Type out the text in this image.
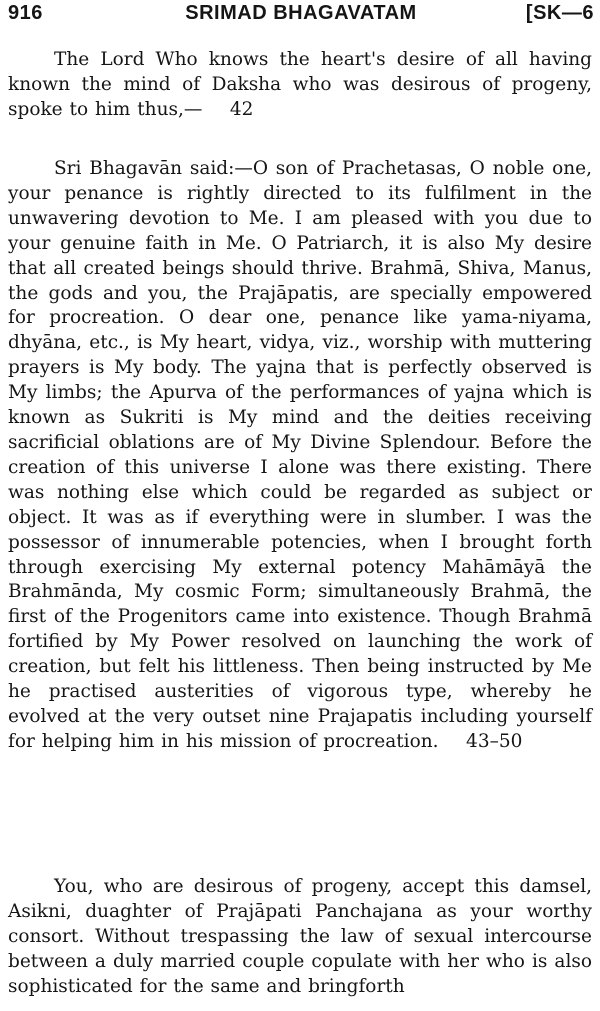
916	SRIMAD BHAGAVATAM	[SK—6

The Lord Who knows the heart's desire of all having known the mind of Daksha who was desirous of progeny, spoke to him thus,— 42

Sri Bhagavān said:—O son of Prachetasas, O noble one, your penance is rightly directed to its fulfilment in the unwavering devotion to Me. I am pleased with you due to your genuine faith in Me. O Patriarch, it is also My desire that all created beings should thrive. Brahmā, Shiva, Manus, the gods and you, the Prajāpatis, are specially empowered for procreation. O dear one, penance like yama-niyama, dhyāna, etc., is My heart, vidya, viz., worship with muttering prayers is My body. The yajna that is perfectly observed is My limbs; the Apurva of the performances of yajna which is known as Sukriti is My mind and the deities receiving sacrificial oblations are of My Divine Splendour. Before the creation of this universe I alone was there existing. There was nothing else which could be regarded as subject or object. It was as if everything were in slumber. I was the possessor of innumerable potencies, when I brought forth through exercising My external potency Mahāmāyā the Brahmānda, My cosmic Form; simultaneously Brahmā, the first of the Progenitors came into existence. Though Brahmā fortified by My Power resolved on launching the work of creation, but felt his littleness. Then being instructed by Me he practised austerities of vigorous type, whereby he evolved at the very outset nine Prajapatis including yourself for helping him in his mission of procreation. 43–50

You, who are desirous of progeny, accept this damsel, Asikni, duaghter of Prajāpati Panchajana as your worthy consort. Without trespassing the law of sexual intercourse between a duly married couple copulate with her who is also sophisticated for the same and bringforth
